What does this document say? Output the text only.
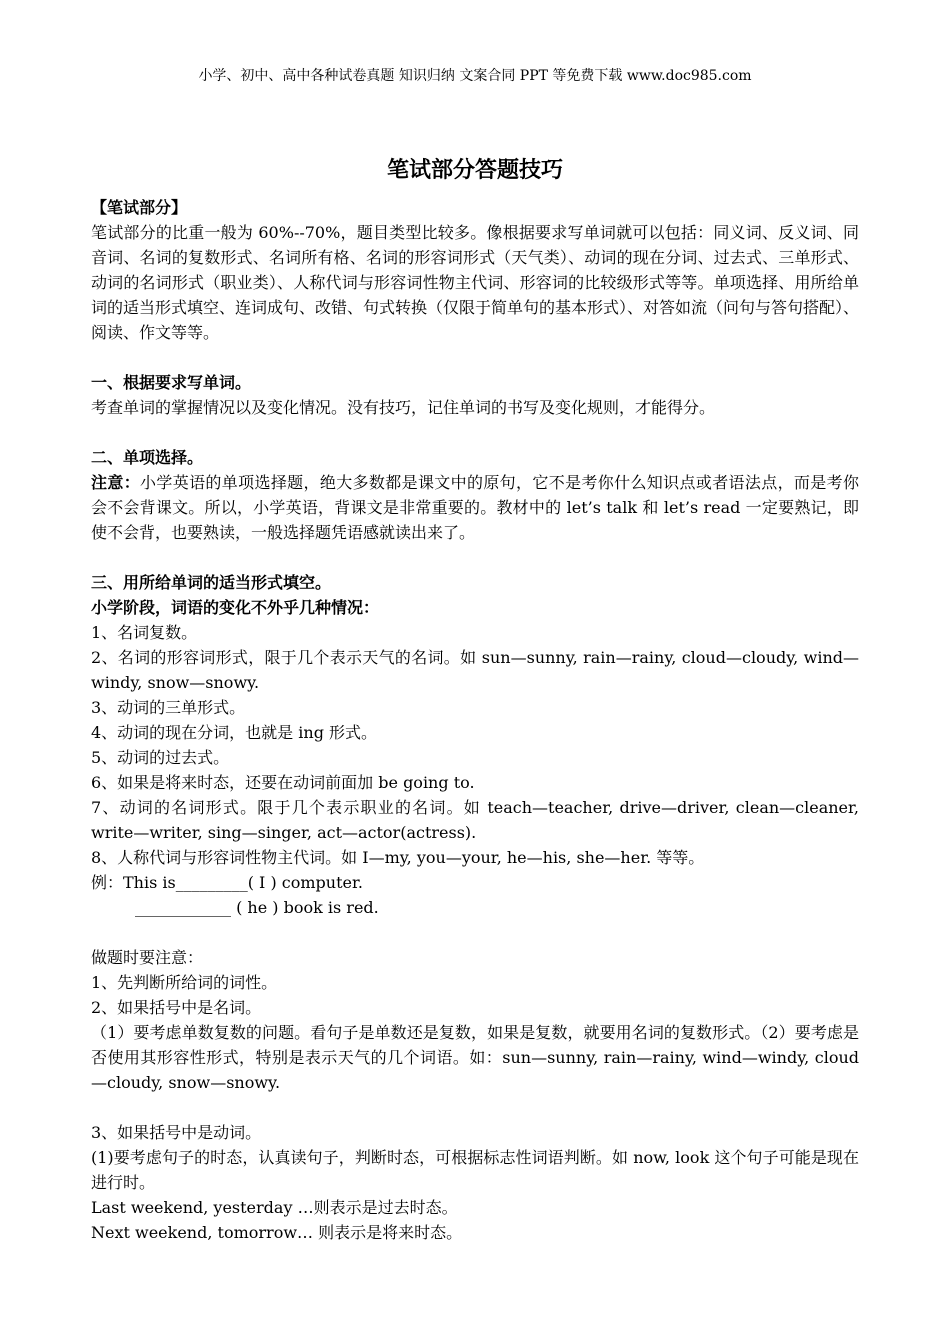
小学、初中、高中各种试卷真题 知识归纳 文案合同 PPT 等免费下载 www.doc985.com
笔试部分答题技巧

【笔试部分】

笔试部分的比重一般为 60%--70%，题目类型比较多。像根据要求写单词就可以包括：同义词、反义词、同音词、名词的复数形式、名词所有格、名词的形容词形式（天气类）、动词的现在分词、过去式、三单形式、动词的名词形式（职业类）、人称代词与形容词性物主代词、形容词的比较级形式等等。单项选择、用所给单词的适当形式填空、连词成句、改错、句式转换（仅限于简单句的基本形式）、对答如流（问句与答句搭配）、阅读、作文等等。

一、根据要求写单词。

考查单词的掌握情况以及变化情况。没有技巧，记住单词的书写及变化规则，才能得分。

二、单项选择。

注意：小学英语的单项选择题，绝大多数都是课文中的原句，它不是考你什么知识点或者语法点，而是考你会不会背课文。所以，小学英语，背课文是非常重要的。教材中的 let’s talk 和 let’s read 一定要熟记，即使不会背，也要熟读，一般选择题凭语感就读出来了。

三、用所给单词的适当形式填空。

小学阶段，词语的变化不外乎几种情况：

1、名词复数。

2、名词的形容词形式，限于几个表示天气的名词。如 sun—sunny, rain—rainy, cloud—cloudy, wind—windy, snow—snowy.

3、动词的三单形式。

4、动词的现在分词，也就是 ing 形式。

5、动词的过去式。

6、如果是将来时态，还要在动词前面加 be going to.

7、动词的名词形式。限于几个表示职业的名词。如 teach—teacher, drive—driver, clean—cleaner, write—writer, sing—singer, act—actor(actress).

8、人称代词与形容词性物主代词。如 I—my, you—your, he—his, she—her. 等等。

例：This is_________( I ) computer.

____________ ( he ) book is red.

做题时要注意：

1、先判断所给词的词性。

2、如果括号中是名词。

（1）要考虑单数复数的问题。看句子是单数还是复数，如果是复数，就要用名词的复数形式。（2）要考虑是否使用其形容性形式，特别是表示天气的几个词语。如：sun—sunny, rain—rainy, wind—windy, cloud—cloudy, snow—snowy.

3、如果括号中是动词。

(1)要考虑句子的时态，认真读句子，判断时态，可根据标志性词语判断。如 now, look 这个句子可能是现在进行时。

Last weekend, yesterday …则表示是过去时态。

Next weekend, tomorrow… 则表示是将来时态。
